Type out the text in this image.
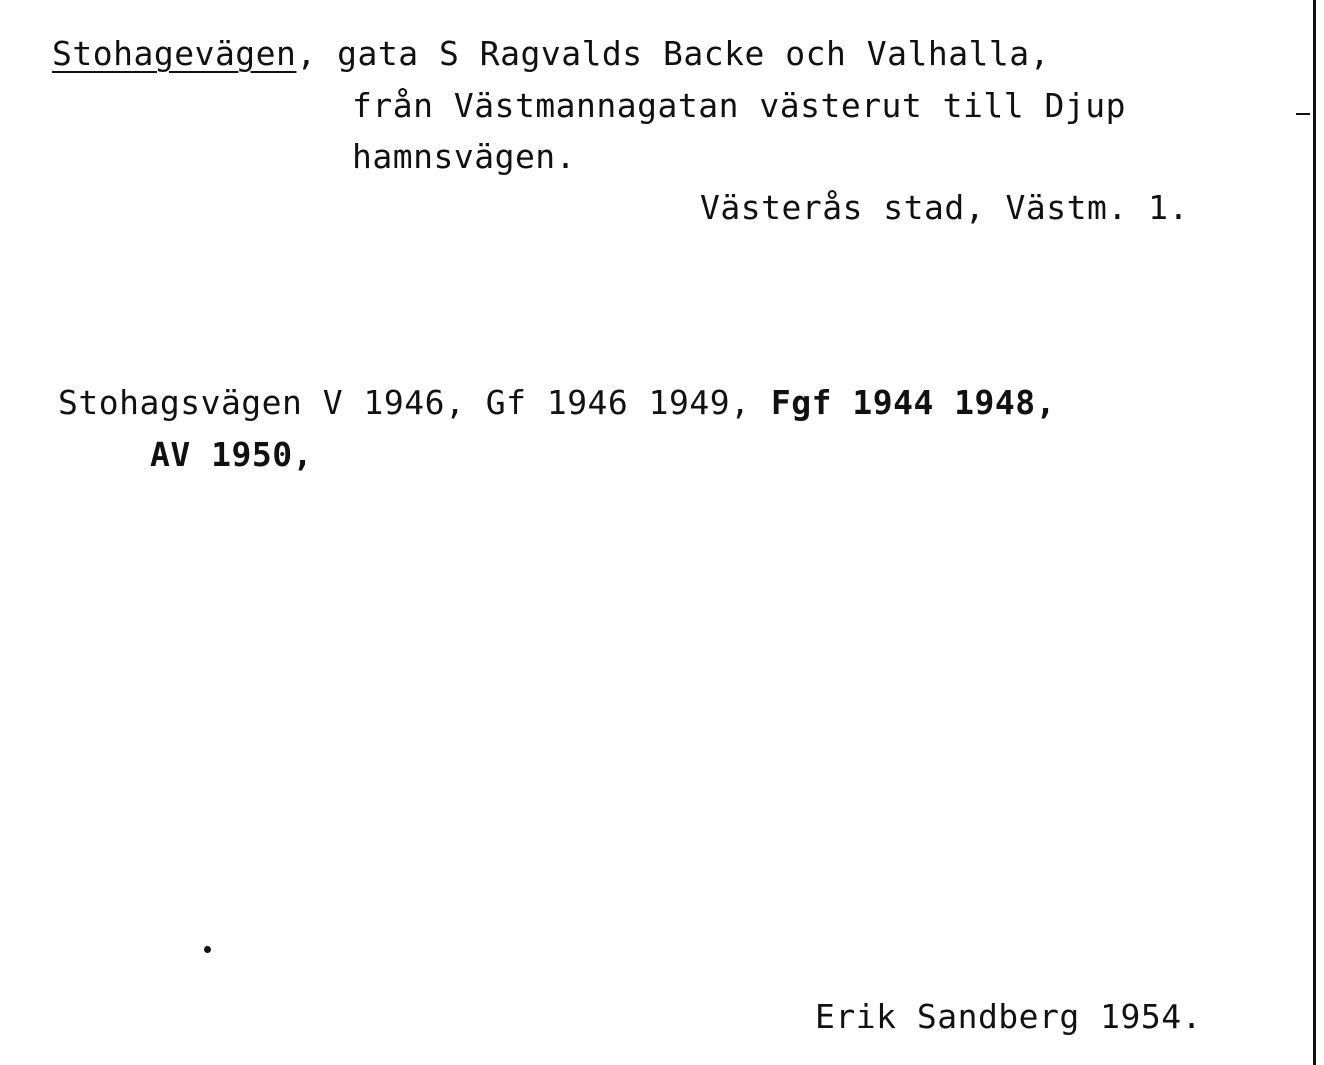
Stohagevägen, gata S Ragvalds Backe och Valhalla,
från Västmannagatan västerut till Djup
hamnsvägen.
Västerås stad, Västm. 1.
Stohagsvägen V 1946, Gf 1946 1949, Fgf 1944 1948,
AV 1950,
Erik Sandberg 1954.
